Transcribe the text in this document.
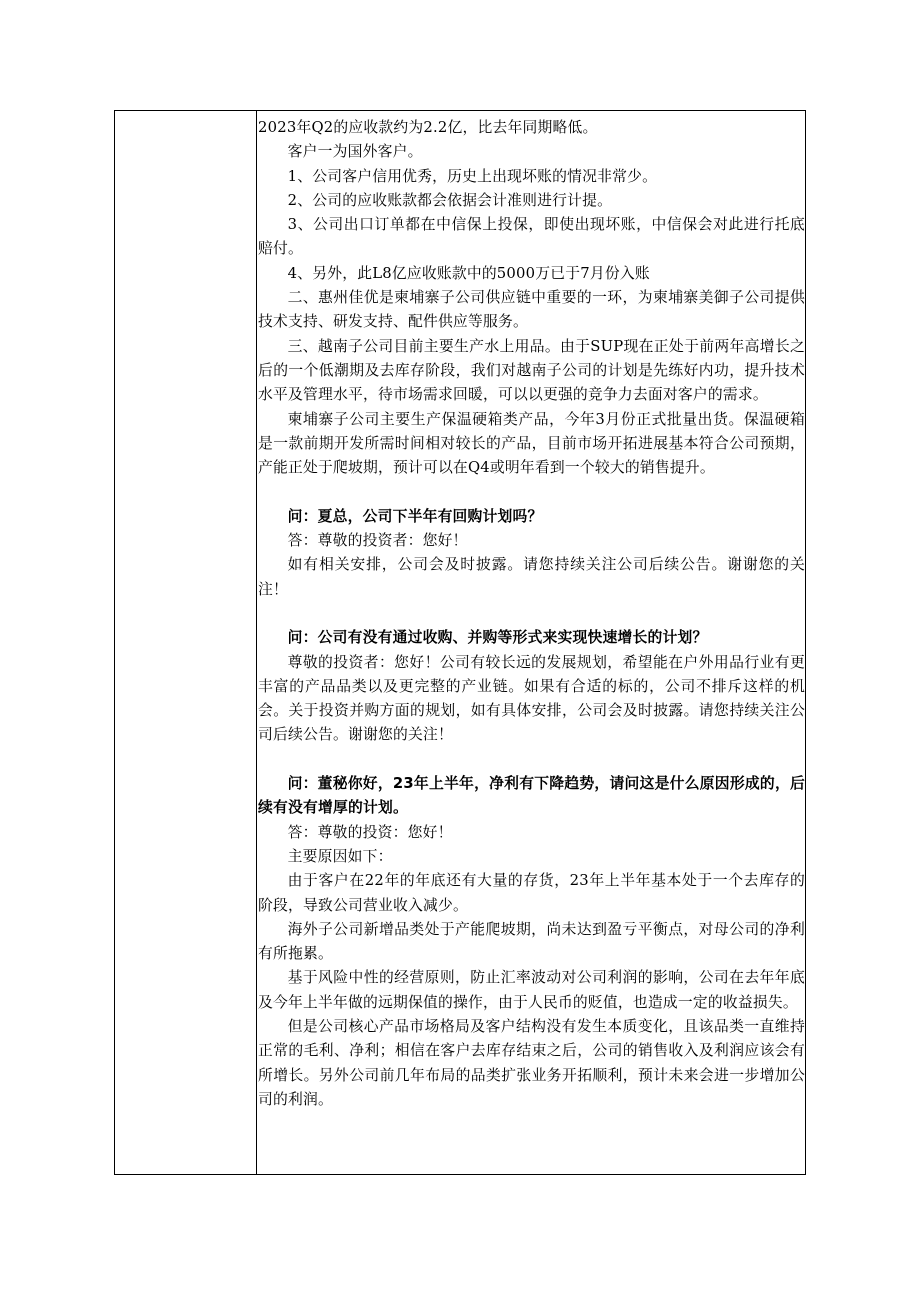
2023年Q2的应收款约为2.2亿，比去年同期略低。

客户一为国外客户。

1、公司客户信用优秀，历史上出现坏账的情况非常少。

2、公司的应收账款都会依据会计准则进行计提。

3、公司出口订单都在中信保上投保，即使出现坏账，中信保会对此进行托底赔付。

4、另外，此L8亿应收账款中的5000万已于7月份入账

二、惠州佳优是柬埔寨子公司供应链中重要的一环，为柬埔寨美御子公司提供技术支持、研发支持、配件供应等服务。

三、越南子公司目前主要生产水上用品。由于SUP现在正处于前两年高增长之后的一个低潮期及去库存阶段，我们对越南子公司的计划是先练好内功，提升技术水平及管理水平，待市场需求回暖，可以以更强的竞争力去面对客户的需求。

柬埔寨子公司主要生产保温硬箱类产品，今年3月份正式批量出货。保温硬箱是一款前期开发所需时间相对较长的产品，目前市场开拓进展基本符合公司预期，产能正处于爬坡期，预计可以在Q4或明年看到一个较大的销售提升。

问：夏总，公司下半年有回购计划吗？

答：尊敬的投资者：您好！

如有相关安排，公司会及时披露。请您持续关注公司后续公告。谢谢您的关注！

问：公司有没有通过收购、并购等形式来实现快速增长的计划？

尊敬的投资者：您好！公司有较长远的发展规划，希望能在户外用品行业有更丰富的产品品类以及更完整的产业链。如果有合适的标的，公司不排斥这样的机会。关于投资并购方面的规划，如有具体安排，公司会及时披露。请您持续关注公司后续公告。谢谢您的关注！

问：董秘你好，23年上半年，净利有下降趋势，请问这是什么原因形成的，后续有没有增厚的计划。

答：尊敬的投资：您好！

主要原因如下：

由于客户在22年的年底还有大量的存货，23年上半年基本处于一个去库存的阶段，导致公司营业收入减少。

海外子公司新增品类处于产能爬坡期，尚未达到盈亏平衡点，对母公司的净利有所拖累。

基于风险中性的经营原则，防止汇率波动对公司利润的影响，公司在去年年底及今年上半年做的远期保值的操作，由于人民币的贬值，也造成一定的收益损失。

但是公司核心产品市场格局及客户结构没有发生本质变化，且该品类一直维持正常的毛利、净利；相信在客户去库存结束之后，公司的销售收入及利润应该会有所增长。另外公司前几年布局的品类扩张业务开拓顺利，预计未来会进一步增加公司的利润。
